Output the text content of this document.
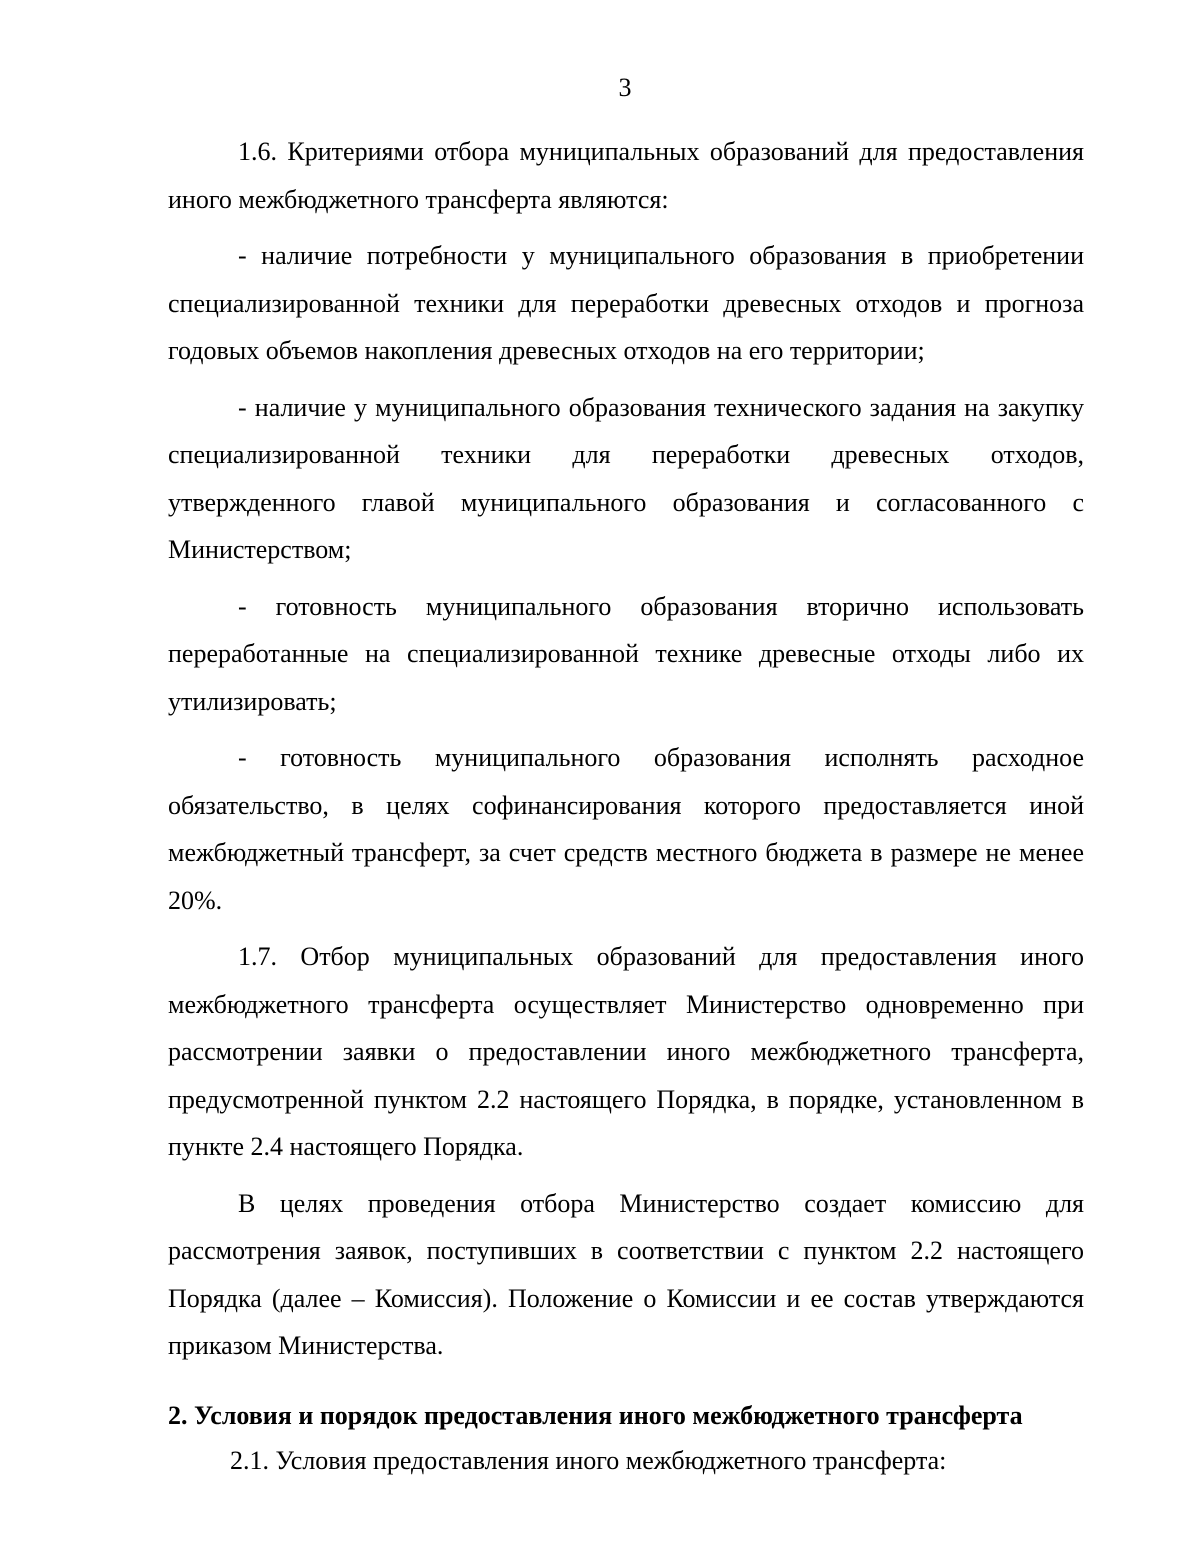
3

1.6. Критериями отбора муниципальных образований для предоставления иного межбюджетного трансферта являются:

- наличие потребности у муниципального образования в приобретении специализированной техники для переработки древесных отходов и прогноза годовых объемов накопления древесных отходов на его территории;

- наличие у муниципального образования технического задания на закупку специализированной техники для переработки древесных отходов, утвержденного главой муниципального образования и согласованного с Министерством;

- готовность муниципального образования вторично использовать переработанные на специализированной технике древесные отходы либо их утилизировать;

- готовность муниципального образования исполнять расходное обязательство, в целях софинансирования которого предоставляется иной межбюджетный трансферт, за счет средств местного бюджета в размере не менее 20%.

1.7. Отбор муниципальных образований для предоставления иного межбюджетного трансферта осуществляет Министерство одновременно при рассмотрении заявки о предоставлении иного межбюджетного трансферта, предусмотренной пунктом 2.2 настоящего Порядка, в порядке, установленном в пункте 2.4 настоящего Порядка.

В целях проведения отбора Министерство создает комиссию для рассмотрения заявок, поступивших в соответствии с пунктом 2.2 настоящего Порядка (далее – Комиссия). Положение о Комиссии и ее состав утверждаются приказом Министерства.

2. Условия и порядок предоставления иного межбюджетного трансферта

2.1. Условия предоставления иного межбюджетного трансферта:
